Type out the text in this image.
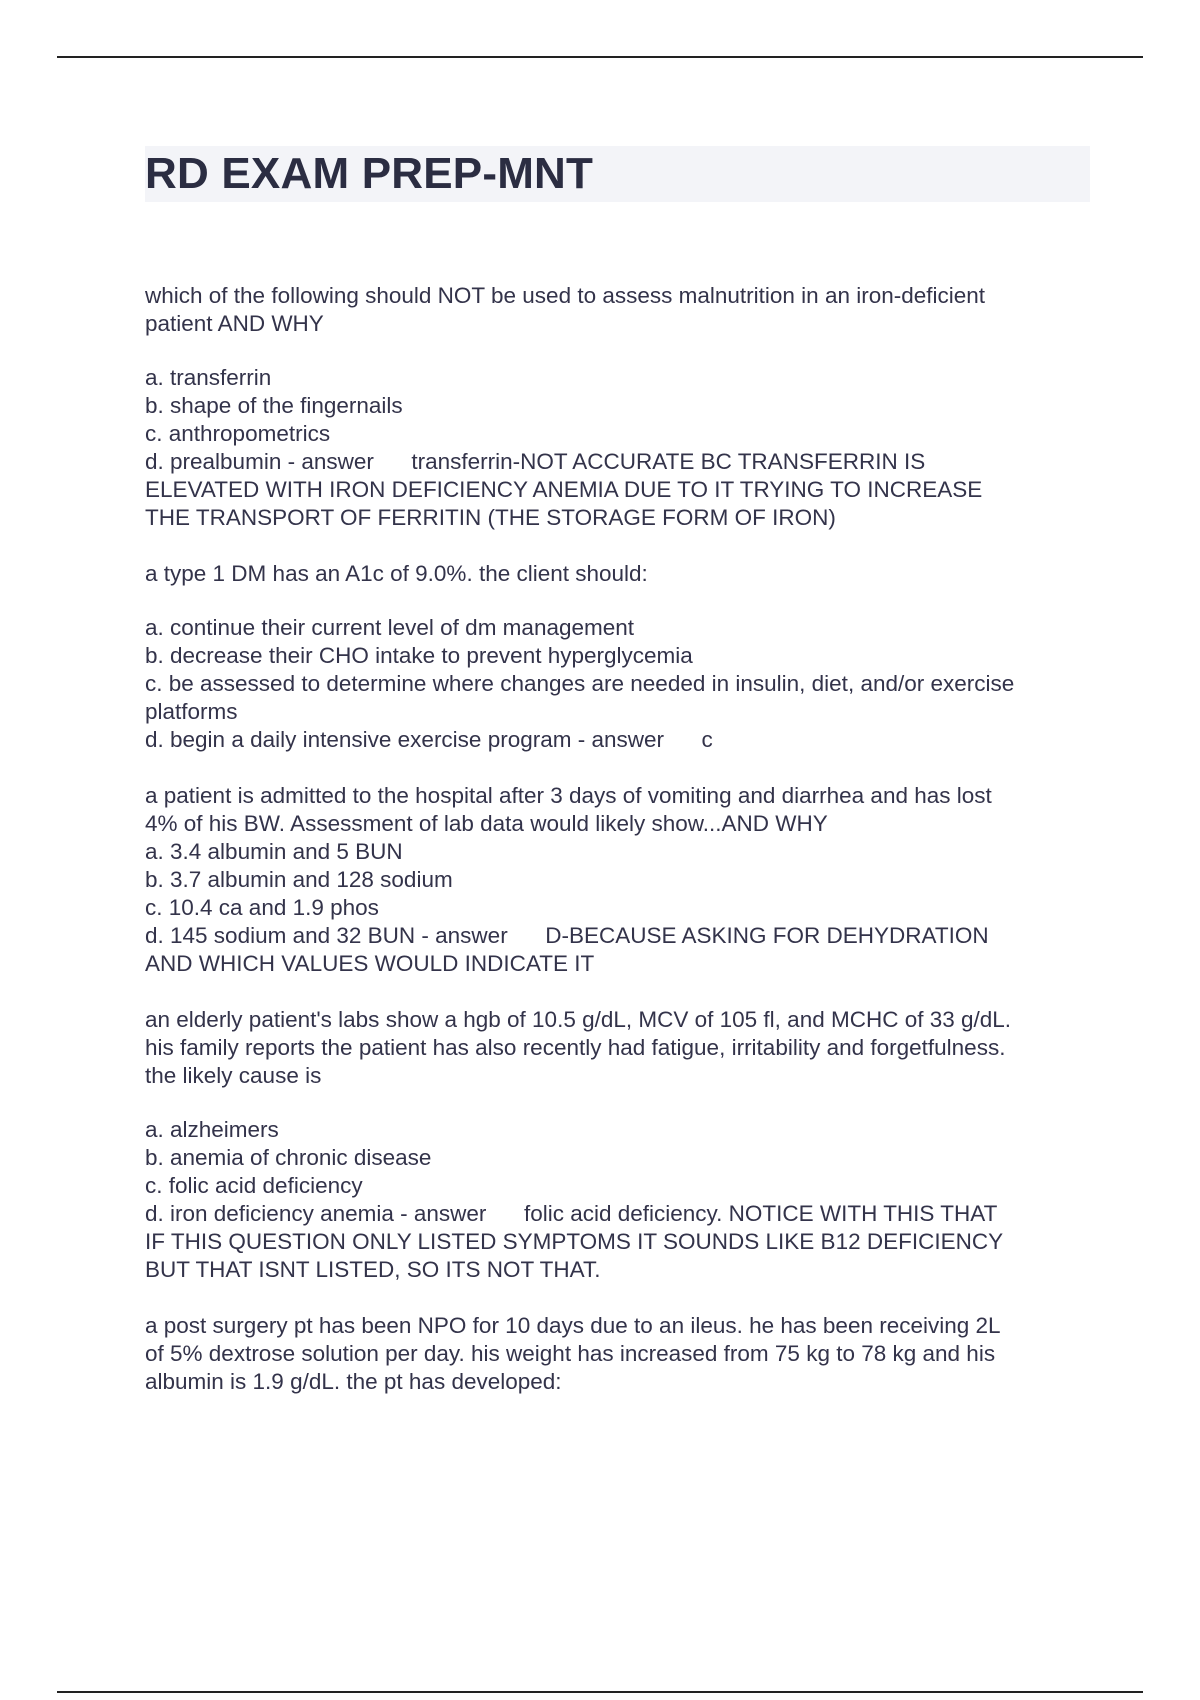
RD EXAM PREP-MNT
which of the following should NOT be used to assess malnutrition in an iron-deficient
patient AND WHY
a. transferrin
b. shape of the fingernails
c. anthropometrics
d. prealbumin - answer transferrin-NOT ACCURATE BC TRANSFERRIN IS
ELEVATED WITH IRON DEFICIENCY ANEMIA DUE TO IT TRYING TO INCREASE
THE TRANSPORT OF FERRITIN (THE STORAGE FORM OF IRON)
a type 1 DM has an A1c of 9.0%. the client should:
a. continue their current level of dm management
b. decrease their CHO intake to prevent hyperglycemia
c. be assessed to determine where changes are needed in insulin, diet, and/or exercise
platforms
d. begin a daily intensive exercise program - answer c
a patient is admitted to the hospital after 3 days of vomiting and diarrhea and has lost
4% of his BW. Assessment of lab data would likely show...AND WHY
a. 3.4 albumin and 5 BUN
b. 3.7 albumin and 128 sodium
c. 10.4 ca and 1.9 phos
d. 145 sodium and 32 BUN - answer D-BECAUSE ASKING FOR DEHYDRATION
AND WHICH VALUES WOULD INDICATE IT
an elderly patient's labs show a hgb of 10.5 g/dL, MCV of 105 fl, and MCHC of 33 g/dL.
his family reports the patient has also recently had fatigue, irritability and forgetfulness.
the likely cause is
a. alzheimers
b. anemia of chronic disease
c. folic acid deficiency
d. iron deficiency anemia - answer folic acid deficiency. NOTICE WITH THIS THAT
IF THIS QUESTION ONLY LISTED SYMPTOMS IT SOUNDS LIKE B12 DEFICIENCY
BUT THAT ISNT LISTED, SO ITS NOT THAT.
a post surgery pt has been NPO for 10 days due to an ileus. he has been receiving 2L
of 5% dextrose solution per day. his weight has increased from 75 kg to 78 kg and his
albumin is 1.9 g/dL. the pt has developed:
